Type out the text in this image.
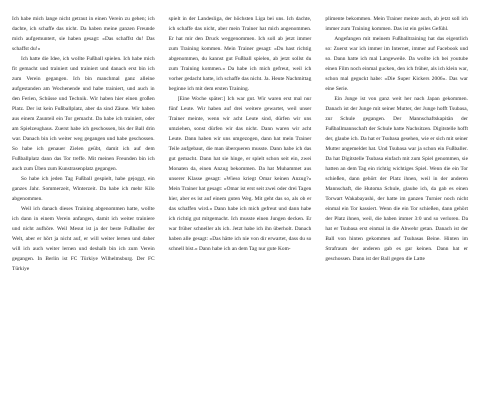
Ich habe mich lange nicht getraut in einen Verein zu gehen; ich dachte, ich schaffe das nicht. Da haben meine ganzen Freunde mich aufgemuntert, sie haben gesagt: »Das schaffst du! Das schaffst du!«

Ich hatte die Idee, ich wollte Fußball spielen. Ich habe mich fit gemacht und trainiert und trainiert und danach erst bin ich zum Verein gegangen. Ich bin manchmal ganz alleine aufgestanden am Wochenende und habe trainiert, und auch in den Ferien, Schüsse und Technik. Wir haben hier einen großen Platz. Der ist kein Fußballplatz, aber da sind Zäune. Wir haben aus einem Zaunteil ein Tor gemacht. Da habe ich trainiert, oder am Spielzeughaus. Zuerst habe ich geschossen, bis der Ball drin war. Danach bin ich weiter weg gegangen und habe geschossen. So habe ich genauer Zielen geübt, damit ich auf dem Fußballplatz dann das Tor treffe. Mit meinen Freunden bin ich auch zum Üben zum Kunstrasenplatz gegangen.

So habe ich jeden Tag Fußball gespielt, habe gejoggt, ein ganzes Jahr. Sommerzeit, Winterzeit. Da habe ich mehr Kilo abgenommen.

Weil ich danach dieses Training abgenommen hatte, wollte ich dann in einem Verein anfangen, damit ich weiter trainiere und nicht aufhöre. Weil Mesut ist ja der beste Fußballer der Welt, aber er hört ja nicht auf, er will weiter lernen und daher will ich auch weiter lernen und deshalb bin ich zum Verein gegangen. In Berlin ist FC Türkiye Wilhelmsburg. Der FC Türkiye

spielt in der Landesliga, der höchsten Liga bei uns. Ich dachte, ich schaffe das nicht, aber mein Trainer hat mich angenommen. Er hat mir den Druck weggenommen. Ich soll ab jetzt immer zum Training kommen. Mein Trainer gesagt: »Du hast richtig abgenommen, du kannst gut Fußball spielen, ab jetzt sollst du zum Training kommen.« Da habe ich mich gefreut, weil ich vorher gedacht hatte, ich schaffe das nicht. Ja. Heute Nachmittag beginne ich mit dem ersten Training.

[Eine Woche später:] Ich war gut. Wir waren erst mal nur fünf Leute. Wir haben auf drei weitere gewartet, weil unser Trainer meinte, wenn wir acht Leute sind, dürfen wir uns umziehen, sonst dürfen wir das nicht. Dann waren wir acht Leute. Dann haben wir uns umgezogen, dann hat mein Trainer Teile aufgebaut, die man überqueren musste. Dann habe ich das gut gemacht. Dann hat sie hinge, er spielt schon seit ein, zwei Monaten da, einen Anzug bekommen. Da hat Muhammet aus unserer Klasse gesagt: »Wieso kriegt Omar keinen Anzug?« Mein Trainer hat gesagt: »Omar ist erst seit zwei oder drei Tagen hier, aber es ist auf einem guten Weg. Mit geht das so, als ob er das schaffen wird.« Dann habe ich mich gefreut und dann habe ich richtig gut mitgemacht. Ich musste einen Jungen decken. Er war früher schneller als ich. Jetzt habe ich ihn überholt. Danach haben alle gesagt: »Das hätte ich nie von dir erwartet, dass du so schnell bist.« Dann habe ich an dem Tag nur gute Kom-

plimente bekommen. Mein Trainer meinte auch, ab jetzt soll ich immer zum Training kommen. Das ist ein geiles Gefühl.

Angefangen mit meinem Fußballtraining hat das eigentlich so: Zuerst war ich immer im Internet, immer auf Facebook und so. Dann hatte ich mal Langeweile. Da wollte ich bei youtube einen Film noch einmal gucken, den ich früher, als ich klein war, schon mal geguckt habe: »Die Super Kickers 2006«. Das war eine Serie.

Ein Junge ist von ganz weit her nach Japan gekommen. Danach ist der Junge mit seiner Mutter, der Junge hofft Tsubasa, zur Schule gegangen. Der Mannschaftskapitän der Fußballmannschaft der Schule hatte Nachsitzen. Digitstelle hofft der, glaube ich. Da hat er Tsubasa gesehen, wie er sich mit seiner Mutter angemeldet hat. Und Tsubasa war ja schon ein Fußballer. Da hat Digitstelle Tsubasa einfach mit zum Spiel genommen, sie hatten an dem Tag ein richtig wichtiges Spiel. Wenn die ein Tor schießen, dann gehört der Platz ihnen, weil in der anderen Mannschaft, die Hutoma Schule, glaube ich, da gab es einen Torwart Wakabayashi, der hatte im ganzen Turnier noch nicht einmal ein Tor kassiert. Wenn die ein Tor schießen, dann gehört der Platz ihnen, weil, die haben immer 3:0 und so verloren. Da hat er Tsubasa erst einmal in die Abwehr getan. Danach ist der Ball von hinten gekommen auf Tsubasas Beine. Hinten im Strafraum der anderen gab es gar keinen. Dann hat er geschossen. Dann ist der Ball gegen die Latte
